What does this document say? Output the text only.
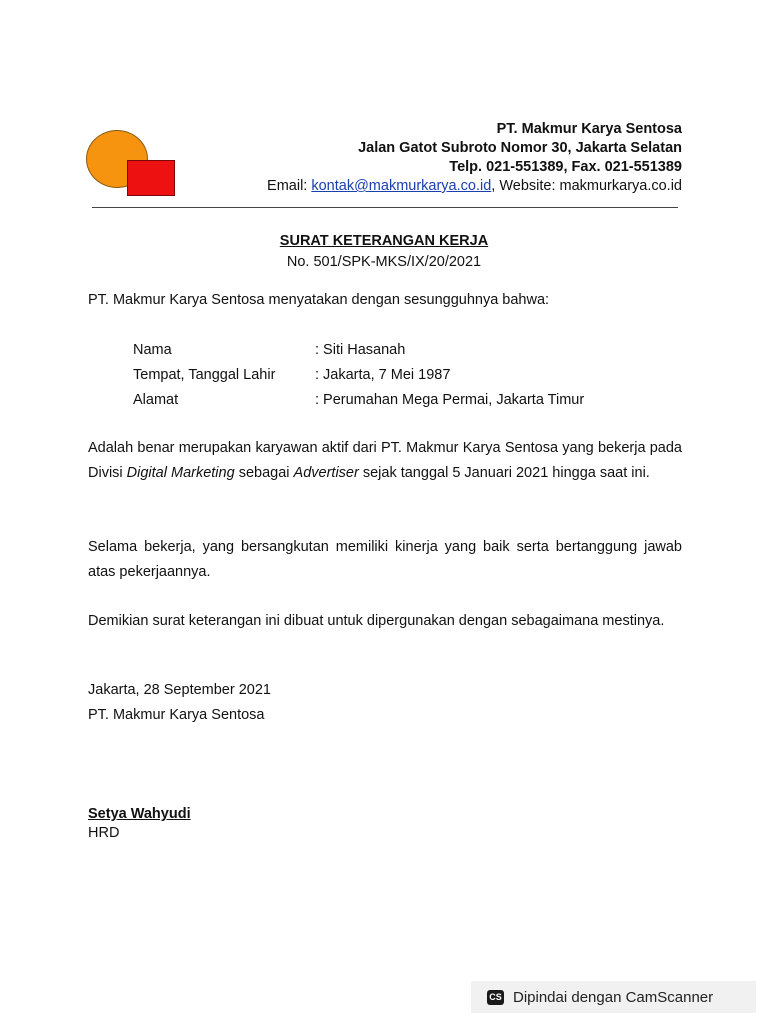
PT. Makmur Karya Sentosa
Jalan Gatot Subroto Nomor 30, Jakarta Selatan
Telp. 021-551389, Fax. 021-551389
Email: kontak@makmurkarya.co.id, Website: makmurkarya.co.id
SURAT KETERANGAN KERJA
No. 501/SPK-MKS/IX/20/2021
PT. Makmur Karya Sentosa menyatakan dengan sesungguhnya bahwa:
Nama	: Siti Hasanah
Tempat, Tanggal Lahir	: Jakarta, 7 Mei 1987
Alamat	: Perumahan Mega Permai, Jakarta Timur
Adalah benar merupakan karyawan aktif dari PT. Makmur Karya Sentosa yang bekerja pada Divisi Digital Marketing sebagai Advertiser sejak tanggal 5 Januari 2021 hingga saat ini.
Selama bekerja, yang bersangkutan memiliki kinerja yang baik serta bertanggung jawab atas pekerjaannya.
Demikian surat keterangan ini dibuat untuk dipergunakan dengan sebagaimana mestinya.
Jakarta, 28 September 2021
PT. Makmur Karya Sentosa
Setya Wahyudi
HRD
CS Dipindai dengan CamScanner
